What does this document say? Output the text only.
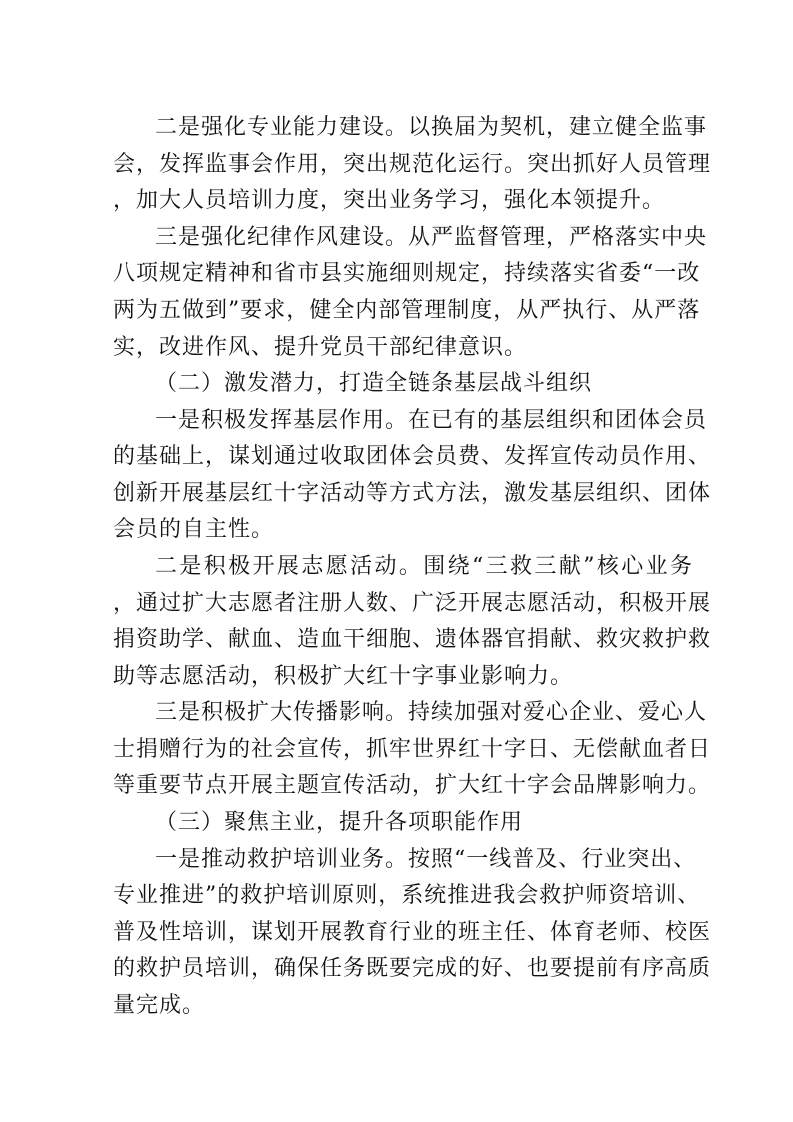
二是强化专业能力建设。以换届为契机，建立健全监事
会，发挥监事会作用，突出规范化运行。突出抓好人员管理
，加大人员培训力度，突出业务学习，强化本领提升。
三是强化纪律作风建设。从严监督管理，严格落实中央
八项规定精神和省市县实施细则规定，持续落实省委“一改
两为五做到”要求，健全内部管理制度，从严执行、从严落
实，改进作风、提升党员干部纪律意识。
（二）激发潜力，打造全链条基层战斗组织
一是积极发挥基层作用。在已有的基层组织和团体会员
的基础上，谋划通过收取团体会员费、发挥宣传动员作用、
创新开展基层红十字活动等方式方法，激发基层组织、团体
会员的自主性。
二是积极开展志愿活动。围绕“三救三献”核心业务
，通过扩大志愿者注册人数、广泛开展志愿活动，积极开展
捐资助学、献血、造血干细胞、遗体器官捐献、救灾救护救
助等志愿活动，积极扩大红十字事业影响力。
三是积极扩大传播影响。持续加强对爱心企业、爱心人
士捐赠行为的社会宣传，抓牢世界红十字日、无偿献血者日
等重要节点开展主题宣传活动，扩大红十字会品牌影响力。
（三）聚焦主业，提升各项职能作用
一是推动救护培训业务。按照“一线普及、行业突出、
专业推进”的救护培训原则，系统推进我会救护师资培训、
普及性培训，谋划开展教育行业的班主任、体育老师、校医
的救护员培训，确保任务既要完成的好、也要提前有序高质
量完成。
